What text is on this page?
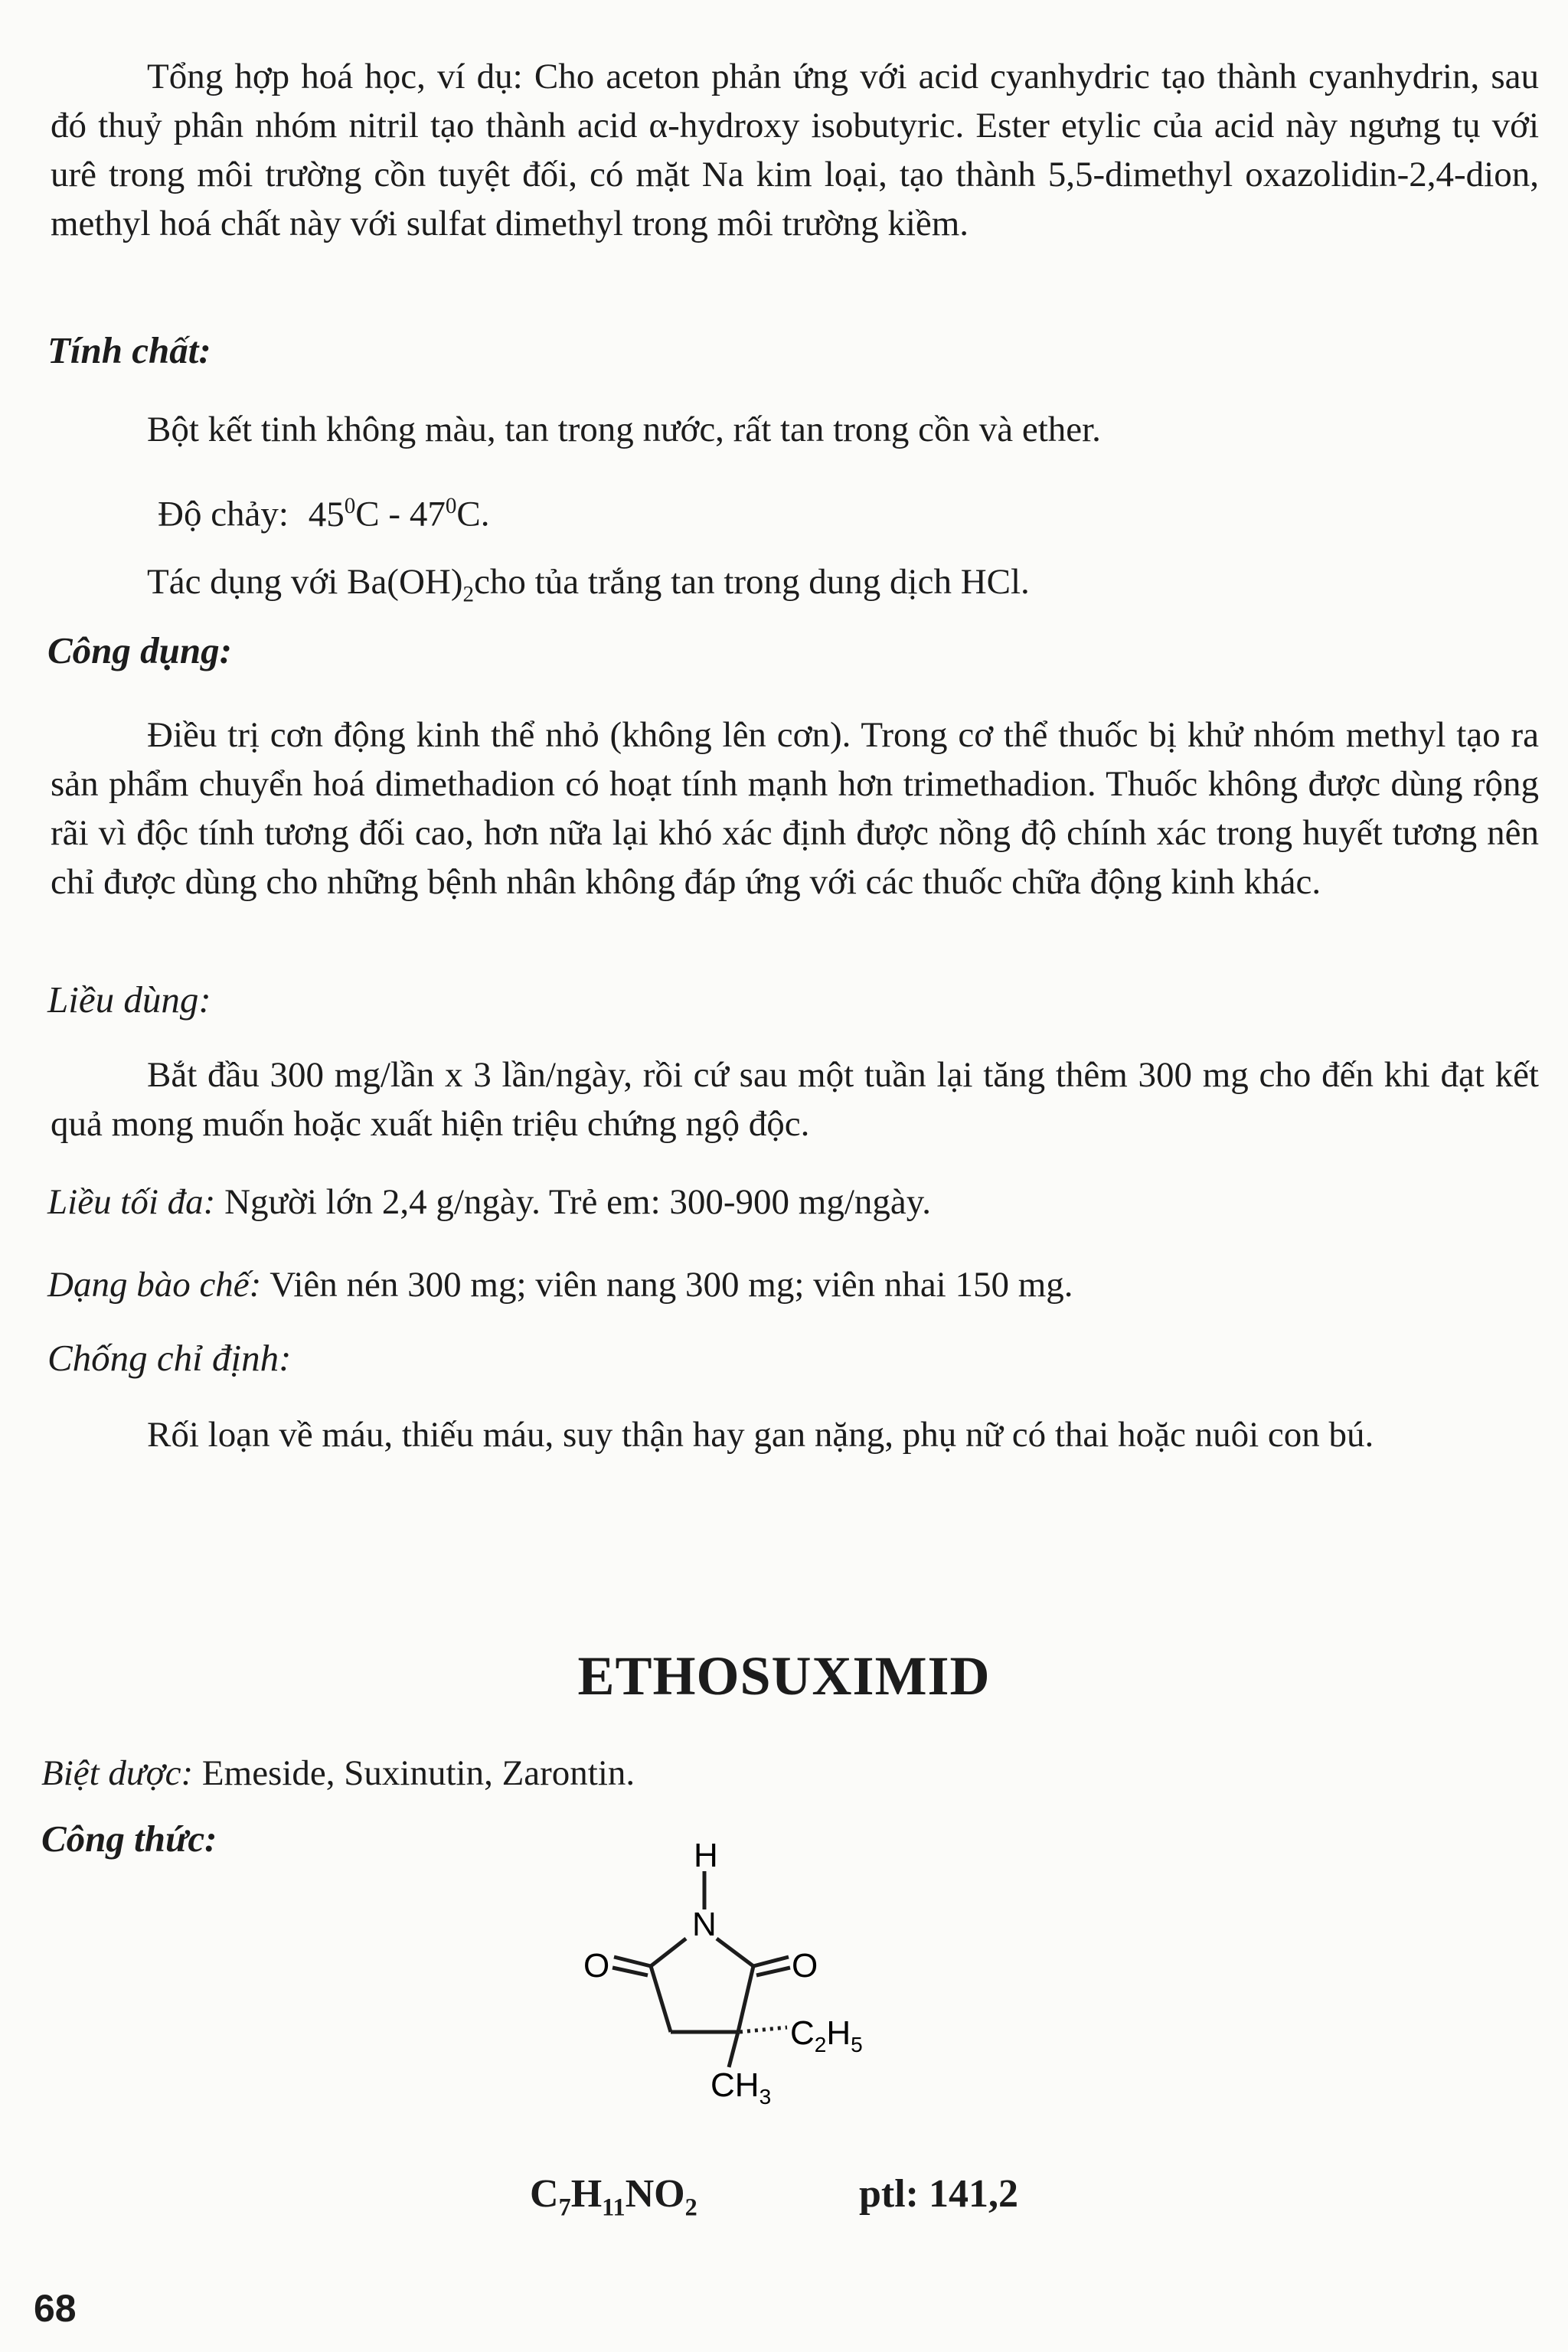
Tổng hợp hoá học, ví dụ: Cho aceton phản ứng với acid cyanhydric tạo thành cyanhydrin, sau đó thuỷ phân nhóm nitril tạo thành acid α-hydroxy isobutyric. Ester etylic của acid này ngưng tụ với urê trong môi trường cồn tuyệt đối, có mặt Na kim loại, tạo thành 5,5-dimethyl oxazolidin-2,4-dion, methyl hoá chất này với sulfat dimethyl trong môi trường kiềm.

Tính chất:

Bột kết tinh không màu, tan trong nước, rất tan trong cồn và ether.

Độ chảy: $45^0C - 47^0C$.

Tác dụng với $Ba(OH)_2cho$ tủa trắng tan trong dung dịch HCl.

Công dụng:

Điều trị cơn động kinh thể nhỏ (không lên cơn). Trong cơ thể thuốc bị khử nhóm methyl tạo ra sản phẩm chuyển hoá dimethadion có hoạt tính mạnh hơn trimethadion. Thuốc không được dùng rộng rãi vì độc tính tương đối cao, hơn nữa lại khó xác định được nồng độ chính xác trong huyết tương nên chỉ được dùng cho những bệnh nhân không đáp ứng với các thuốc chữa động kinh khác.

Liều dùng:

Bắt đầu 300 mg/lần x 3 lần/ngày, rồi cứ sau một tuần lại tăng thêm 300 mg cho đến khi đạt kết quả mong muốn hoặc xuất hiện triệu chứng ngộ độc.

Liều tối đa: Người lớn 2,4 g/ngày. Trẻ em: 300-900 mg/ngày.

Dạng bào chế: Viên nén 300 mg; viên nang 300 mg; viên nhai 150 mg.

Chống chỉ định:

Rối loạn về máu, thiếu máu, suy thận hay gan nặng, phụ nữ có thai hoặc nuôi con bú.

ETHOSUXIMID

Biệt dược: Emeside, Suxinutin, Zarontin.

Công thức:	H
N
O	O
$C_2H_5$
$CH_3$
$C_7H_{11}NO_2$	ptl: 141,2
68
